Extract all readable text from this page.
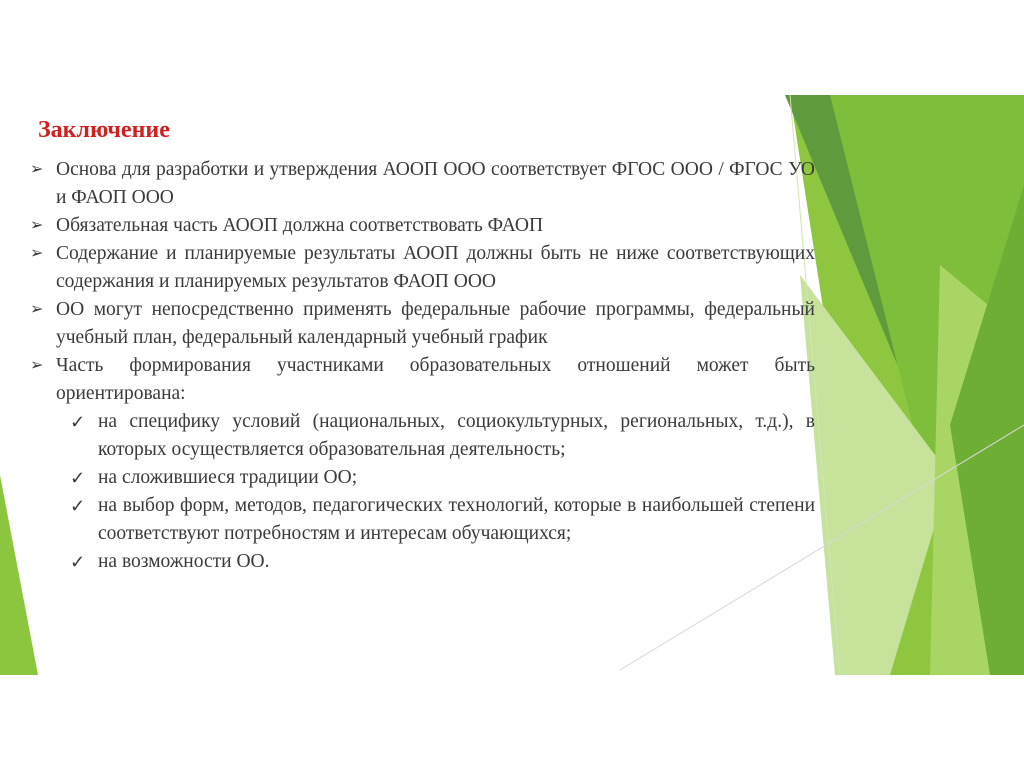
Заключение
➢ Основа для разработки и утверждения АООП ООО соответствует ФГОС ООО / ФГОС УО и ФАОП ООО
➢ Обязательная часть АООП должна соответствовать ФАОП
➢ Содержание и планируемые результаты АООП должны быть не ниже соответствующих содержания и планируемых результатов ФАОП ООО
➢ ОО могут непосредственно применять федеральные рабочие программы, федеральный учебный план, федеральный календарный учебный график
➢ Часть формирования участниками образовательных отношений может быть ориентирована:
✓ на специфику условий (национальных, социокультурных, региональных, т.д.), в которых осуществляется образовательная деятельность;
✓ на сложившиеся традиции ОО;
✓ на выбор форм, методов, педагогических технологий, которые в наибольшей степени соответствуют потребностям и интересам обучающихся;
✓ на возможности ОО.
